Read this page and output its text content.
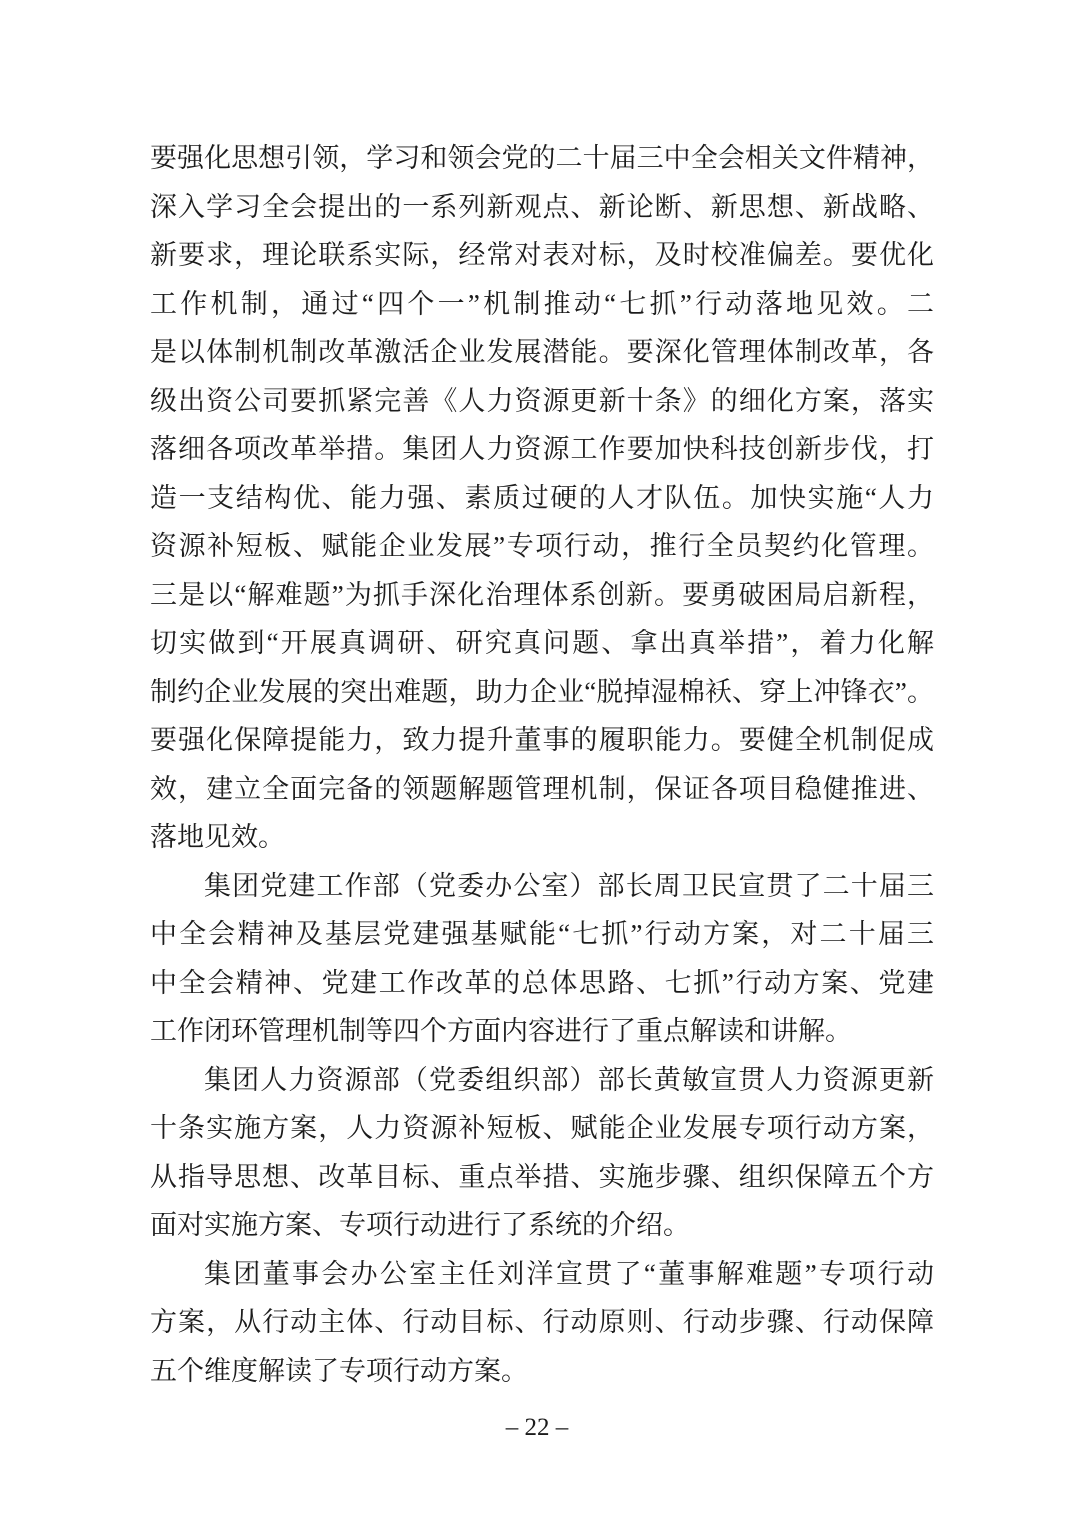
要强化思想引领，学习和领会党的二十届三中全会相关文件精神，
深入学习全会提出的一系列新观点、新论断、新思想、新战略、
新要求，理论联系实际，经常对表对标，及时校准偏差。要优化
工作机制，通过“四个一”机制推动“七抓”行动落地见效。二
是以体制机制改革激活企业发展潜能。要深化管理体制改革，各
级出资公司要抓紧完善《人力资源更新十条》的细化方案，落实
落细各项改革举措。集团人力资源工作要加快科技创新步伐，打
造一支结构优、能力强、素质过硬的人才队伍。加快实施“人力
资源补短板、赋能企业发展”专项行动，推行全员契约化管理。
三是以“解难题”为抓手深化治理体系创新。要勇破困局启新程，
切实做到“开展真调研、研究真问题、拿出真举措”，着力化解
制约企业发展的突出难题，助力企业“脱掉湿棉袄、穿上冲锋衣”。
要强化保障提能力，致力提升董事的履职能力。要健全机制促成
效，建立全面完备的领题解题管理机制，保证各项目稳健推进、
落地见效。
集团党建工作部（党委办公室）部长周卫民宣贯了二十届三
中全会精神及基层党建强基赋能“七抓”行动方案，对二十届三
中全会精神、党建工作改革的总体思路、七抓”行动方案、党建
工作闭环管理机制等四个方面内容进行了重点解读和讲解。
集团人力资源部（党委组织部）部长黄敏宣贯人力资源更新
十条实施方案，人力资源补短板、赋能企业发展专项行动方案，
从指导思想、改革目标、重点举措、实施步骤、组织保障五个方
面对实施方案、专项行动进行了系统的介绍。
集团董事会办公室主任刘洋宣贯了“董事解难题”专项行动
方案，从行动主体、行动目标、行动原则、行动步骤、行动保障
五个维度解读了专项行动方案。
– 22 –
